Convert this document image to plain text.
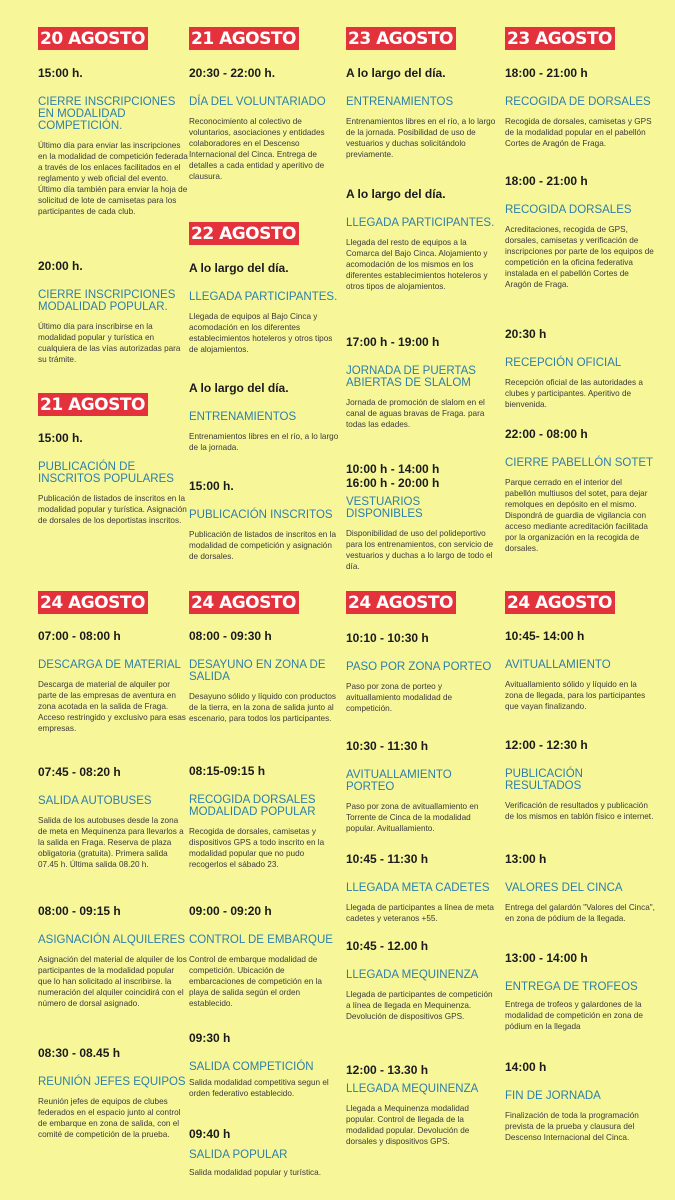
20 AGOSTO
15:00 h.
CIERRE INSCRIPCIONES EN MODALIDAD COMPETICIÓN.
Último día para enviar las inscripciones en la modalidad de competición federada a través de los enlaces facilitados en el reglamento y web oficial del evento. Último día también para enviar la hoja de solicitud de lote de camisetas para los participantes de cada club.
20:00 h.
CIERRE INSCRIPCIONES MODALIDAD POPULAR.
Último día para inscribirse en la modalidad popular y turística en cualquiera de las vías autorizadas para su trámite.
21 AGOSTO
15:00 h.
PUBLICACIÓN DE INSCRITOS POPULARES
Publicación de listados de inscritos en la modalidad popular y turística. Asignación de dorsales de los deportistas inscritos.
21 AGOSTO
20:30 - 22:00 h.
DÍA DEL VOLUNTARIADO
Reconocimiento al colectivo de voluntarios, asociaciones y entidades colaboradores en el Descenso Internacional del Cinca. Entrega de detalles a cada entidad y aperitivo de clausura.
22 AGOSTO
A lo largo del día.
LLEGADA PARTICIPANTES.
Llegada de equipos al Bajo Cinca y acomodación en los diferentes establecimientos hoteleros y otros tipos de alojamientos.
A lo largo del día.
ENTRENAMIENTOS
Entrenamientos libres en el río, a lo largo de la jornada.
15:00 h.
PUBLICACIÓN INSCRITOS
Publicación de listados de inscritos en la modalidad de competición y asignación de dorsales.
23 AGOSTO
A lo largo del día.
ENTRENAMIENTOS
Entrenamientos libres en el río, a lo largo de la jornada. Posibilidad de uso de vestuarios y duchas solicitándolo previamente.
A lo largo del día.
LLEGADA PARTICIPANTES.
Llegada del resto de equipos a la Comarca del Bajo Cinca. Alojamiento y acomodación de los mismos en los diferentes establecimientos hoteleros y otros tipos de alojamientos.
17:00 h - 19:00 h
JORNADA DE PUERTAS ABIERTAS DE SLALOM
Jornada de promoción de slalom en el canal de aguas bravas de Fraga. para todas las edades.
10:00 h - 14:00 h
16:00 h - 20:00 h
VESTUARIOS DISPONIBLES
Disponibilidad de uso del polideportivo para los entrenamientos, con servicio de vestuarios y duchas a lo largo de todo el día.
23 AGOSTO
18:00 - 21:00 h
RECOGIDA DE DORSALES
Recogida de dorsales, camisetas y GPS de la modalidad popular en el pabellón Cortes de Aragón de Fraga.
18:00 - 21:00 h
RECOGIDA DORSALES
Acreditaciones, recogida de GPS, dorsales, camisetas y verificación de inscripciones por parte de los equipos de competición en la oficina federativa instalada en el pabellón Cortes de Aragón de Fraga.
20:30 h
RECEPCIÓN OFICIAL
Recepción oficial de las autoridades a clubes y participantes. Aperitivo de bienvenida.
22:00 - 08:00 h
CIERRE PABELLÓN SOTET
Parque cerrado en el interior del pabellón multiusos del sotet, para dejar remolques en depósito en el mismo. Dispondrá de guardia de vigilancia con acceso mediante acreditación facilitada por la organización en la recogida de dorsales.
24 AGOSTO
07:00 - 08:00 h
DESCARGA DE MATERIAL
Descarga de material de alquiler por parte de las empresas de aventura en zona acotada en la salida de Fraga. Acceso restringido y exclusivo para esas empresas.
07:45 - 08:20 h
SALIDA AUTOBUSES
Salida de los autobuses desde la zona de meta en Mequinenza para llevarlos a la salida en Fraga. Reserva de plaza obligatoria (gratuita). Primera salida 07.45 h. Última salida 08.20 h.
08:00 - 09:15 h
ASIGNACIÓN ALQUILERES
Asignación del material de alquiler de los participantes de la modalidad popular que lo han solicitado al inscribirse. la numeración del alquiler coincidirá con el número de dorsal asignado.
08:30 - 08.45 h
REUNIÓN JEFES EQUIPOS
Reunión jefes de equipos de clubes federados en el espacio junto al control de embarque en zona de salida, con el comité de competición de la prueba.
24 AGOSTO
08:00 - 09:30 h
DESAYUNO EN ZONA DE SALIDA
Desayuno sólido y líquido con productos de la tierra, en la zona de salida junto al escenario, para todos los participantes.
08:15-09:15 h
RECOGIDA DORSALES MODALIDAD POPULAR
Recogida de dorsales, camisetas y dispositivos GPS a todo inscrito en la modalidad popular que no pudo recogerlos el sábado 23.
09:00 - 09:20 h
CONTROL DE EMBARQUE
Control de embarque modalidad de competición. Ubicación de embarcaciones de competición en la playa de salida según el orden establecido.
09:30 h
SALIDA COMPETICIÓN
Salida modalidad competitiva segun el orden federativo establecido.
09:40 h
SALIDA POPULAR
Salida modalidad popular y turística.
24 AGOSTO
10:10 - 10:30 h
PASO POR ZONA PORTEO
Paso por zona de porteo y avituallamiento modalidad de competición.
10:30 - 11:30 h
AVITUALLAMIENTO PORTEO
Paso por zona de avituallamiento en Torrente de Cinca de la modalidad popular. Avituallamiento.
10:45 - 11:30 h
LLEGADA META CADETES
Llegada de participantes a línea de meta cadetes y veteranos +55.
10:45 - 12.00 h
LLEGADA MEQUINENZA
Llegada de participantes de competición a línea de llegada en Mequinenza. Devolución de dispositivos GPS.
12:00 - 13.30 h
LLEGADA MEQUINENZA
Llegada a Mequinenza modalidad popular. Control de llegada de la modalidad popular. Devolución de dorsales y dispositivos GPS.
24 AGOSTO
10:45- 14:00 h
AVITUALLAMIENTO
Avituallamiento sólido y líquido en la zona de llegada, para los participantes que vayan finalizando.
12:00 - 12:30 h
PUBLICACIÓN RESULTADOS
Verificación de resultados y publicación de los mismos en tablón físico e internet.
13:00 h
VALORES DEL CINCA
Entrega del galardón "Valores del Cinca", en zona de pódium de la llegada.
13:00 - 14:00 h
ENTREGA DE TROFEOS
Entrega de trofeos y galardones de la modalidad de competición en zona de pódium en la llegada
14:00 h
FIN DE JORNADA
Finalización de toda la programación prevista de la prueba y clausura del Descenso Internacional del Cinca.
